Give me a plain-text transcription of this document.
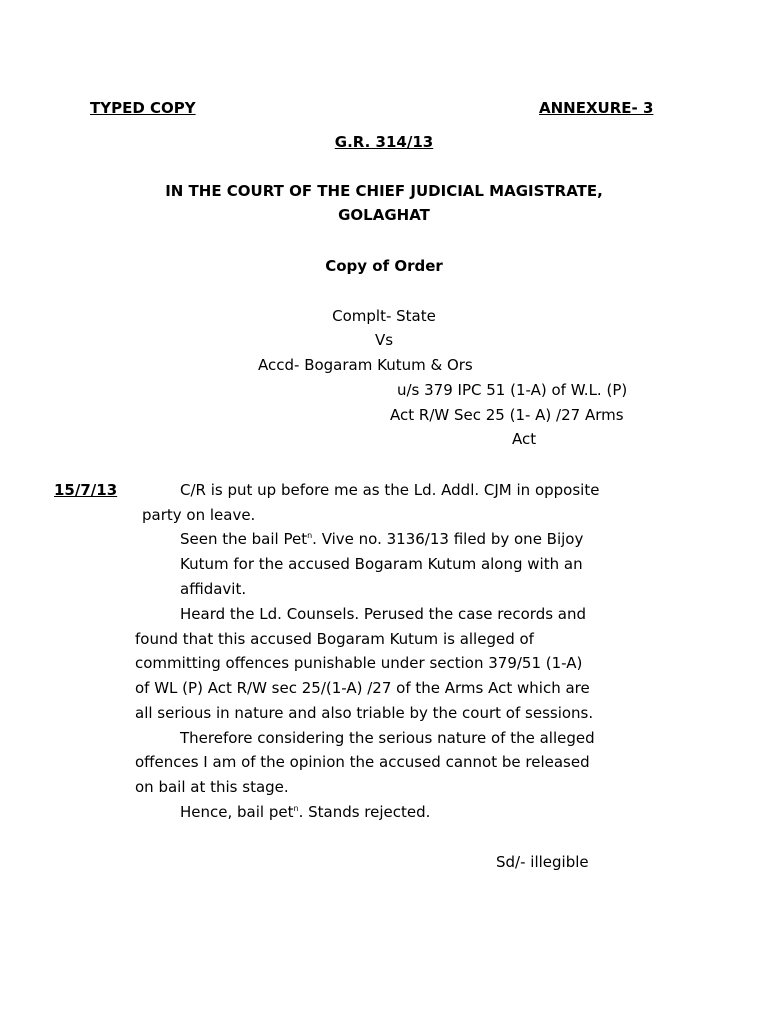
TYPED COPY	ANNEXURE- 3
G.R. 314/13
IN THE COURT OF THE CHIEF JUDICIAL MAGISTRATE,
GOLAGHAT
Copy of Order
Complt- State
Vs
Accd- Bogaram Kutum & Ors
u/s 379 IPC 51 (1-A) of W.L. (P)
Act R/W Sec 25 (1- A) /27 Arms
Act
15/7/13	C/R is put up before me as the Ld. Addl. CJM in opposite
party on leave.
Seen the bail Pet$^n$. Vive no. 3136/13 filed by one Bijoy
Kutum for the accused Bogaram Kutum along with an
affidavit.
Heard the Ld. Counsels. Perused the case records and
found that this accused Bogaram Kutum is alleged of
committing offences punishable under section 379/51 (1-A)
of WL (P) Act R/W sec 25/(1-A) /27 of the Arms Act which are
all serious in nature and also triable by the court of sessions.
Therefore considering the serious nature of the alleged
offences I am of the opinion the accused cannot be released
on bail at this stage.
Hence, bail pet$^n$. Stands rejected.
Sd/- illegible
